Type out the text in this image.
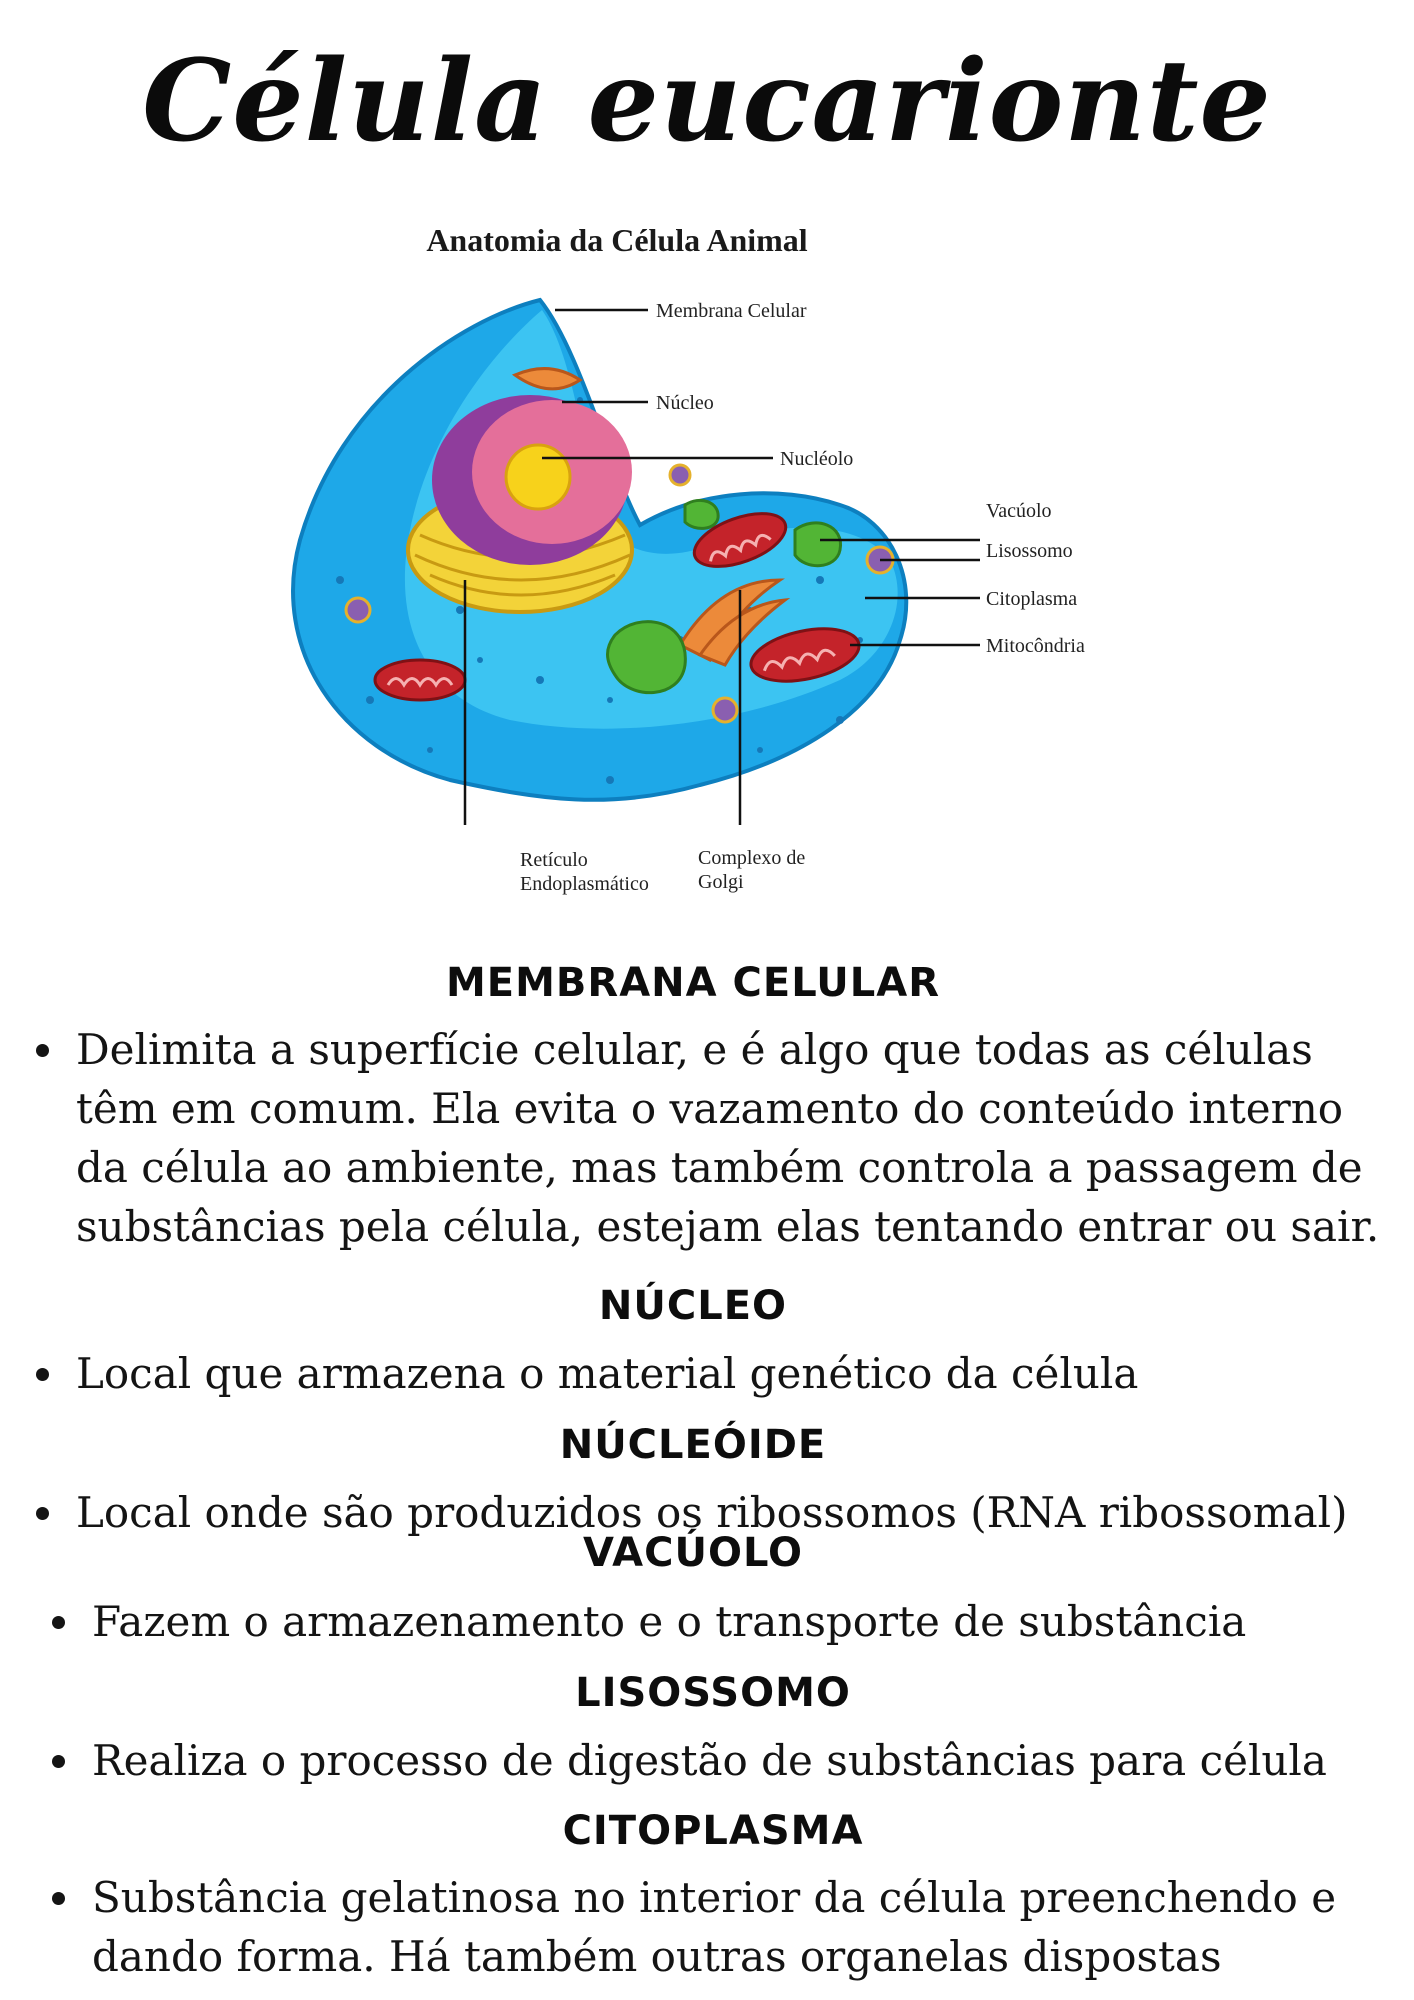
Célula eucarionte
Anatomia da Célula Animal
Membrana Celular
Núcleo
Nucléolo
Vacúolo
Lisossomo
Citoplasma
Mitocôndria
Retículo
Endoplasmático
Complexo de
Golgi
MEMBRANA CELULAR
Delimita a superfície celular, e é algo que todas as células
têm em comum. Ela evita o vazamento do conteúdo interno
da célula ao ambiente, mas também controla a passagem de
substâncias pela célula, estejam elas tentando entrar ou sair.
NÚCLEO
Local que armazena o material genético da célula
NÚCLEÓIDE
Local onde são produzidos os ribossomos (RNA ribossomal)
VACÚOLO
Fazem o armazenamento e o transporte de substância
LISOSSOMO
Realiza o processo de digestão de substâncias para célula
CITOPLASMA
Substância gelatinosa no interior da célula preenchendo e
dando forma. Há também outras organelas dispostas
